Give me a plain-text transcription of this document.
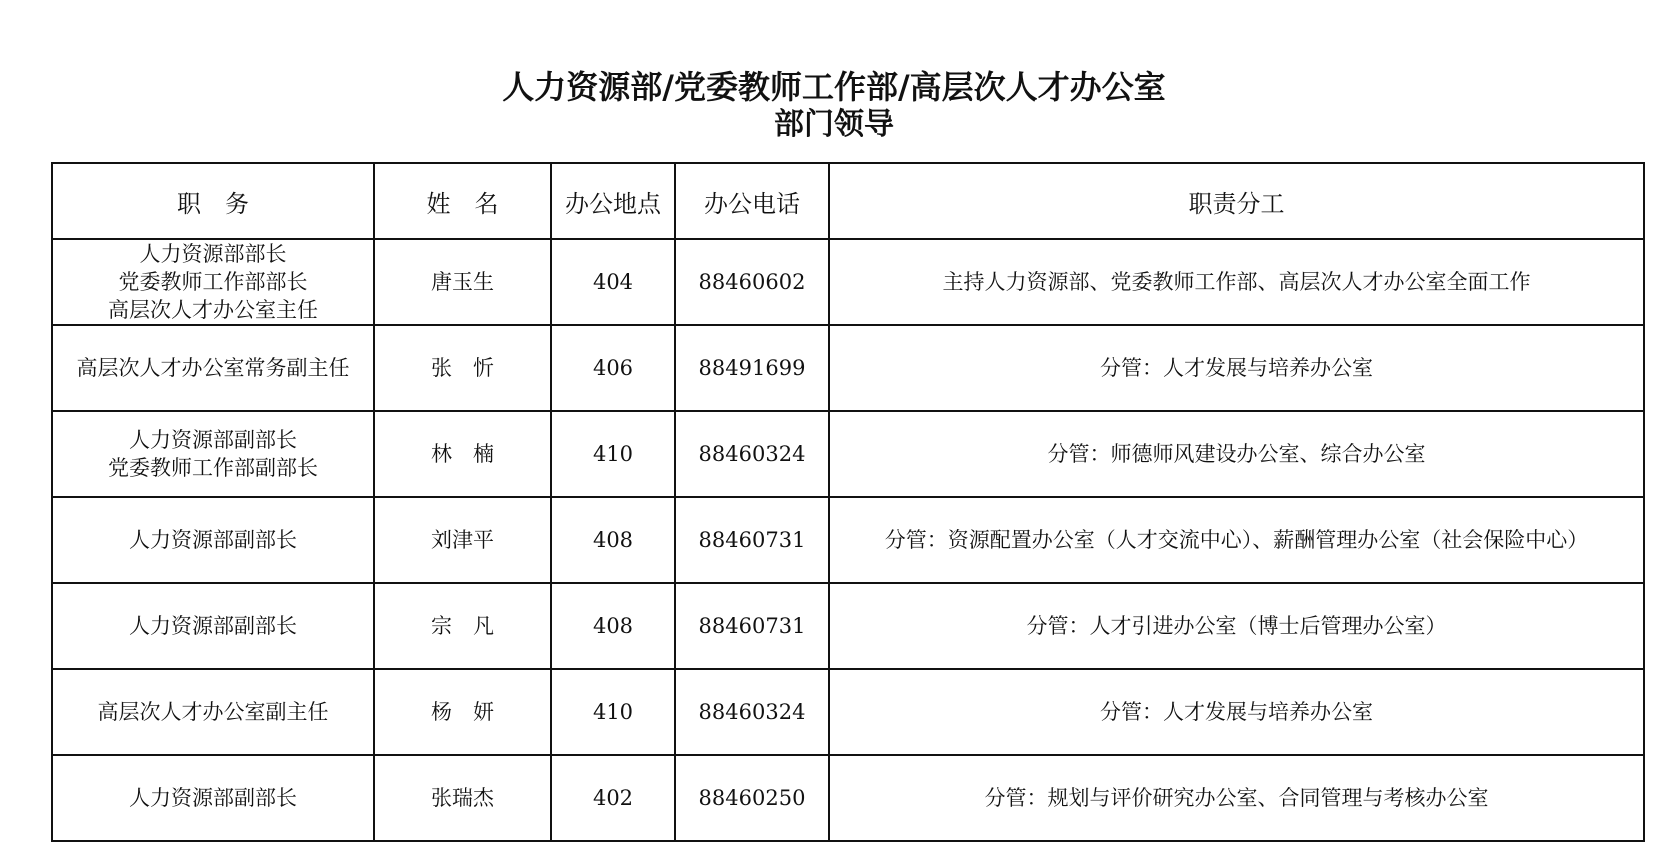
人力资源部/党委教师工作部/高层次人才办公室
部门领导
职　务	姓　名	办公地点	办公电话	职责分工

人力资源部部长
党委教师工作部部长
高层次人才办公室主任	唐玉生	404	88460602	主持人力资源部、党委教师工作部、高层次人才办公室全面工作

高层次人才办公室常务副主任	张　忻	406	88491699	分管：人才发展与培养办公室

人力资源部副部长
党委教师工作部副部长	林　楠	410	88460324	分管：师德师风建设办公室、综合办公室

人力资源部副部长	刘津平	408	88460731	分管：资源配置办公室（人才交流中心）、薪酬管理办公室（社会保险中心）

人力资源部副部长	宗　凡	408	88460731	分管：人才引进办公室（博士后管理办公室）

高层次人才办公室副主任	杨　妍	410	88460324	分管：人才发展与培养办公室

人力资源部副部长	张瑞杰	402	88460250	分管：规划与评价研究办公室、合同管理与考核办公室
